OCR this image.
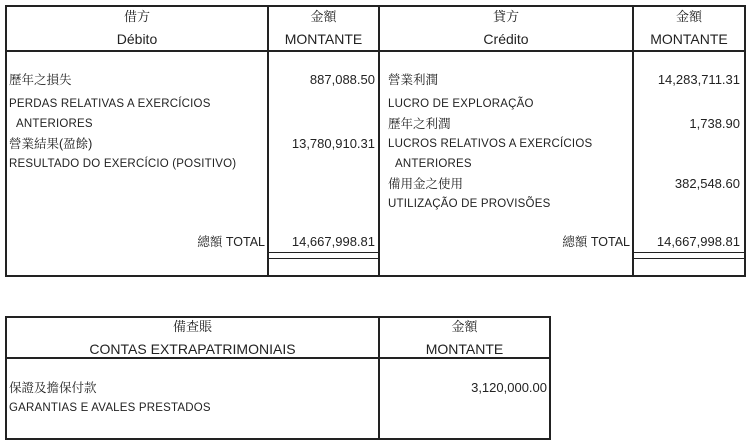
借方
Débito
金額
MONTANTE
貸方
Crédito
金額
MONTANTE
歷年之損失
PERDAS RELATIVAS A EXERCÍCIOS
ANTERIORES
887,088.50
營業結果(盈餘)
RESULTADO DO EXERCÍCIO (POSITIVO)
13,780,910.31
總額 TOTAL	14,667,998.81
營業利潤
LUCRO DE EXPLORAÇÃO
14,283,711.31
歷年之利潤
LUCROS RELATIVOS A EXERCÍCIOS
ANTERIORES
1,738.90
備用金之使用
UTILIZAÇÃO DE PROVISÕES
382,548.60
總額 TOTAL	14,667,998.81
備查賬
CONTAS EXTRAPATRIMONIAIS
金額
MONTANTE
保證及擔保付款
GARANTIAS E AVALES PRESTADOS
3,120,000.00
